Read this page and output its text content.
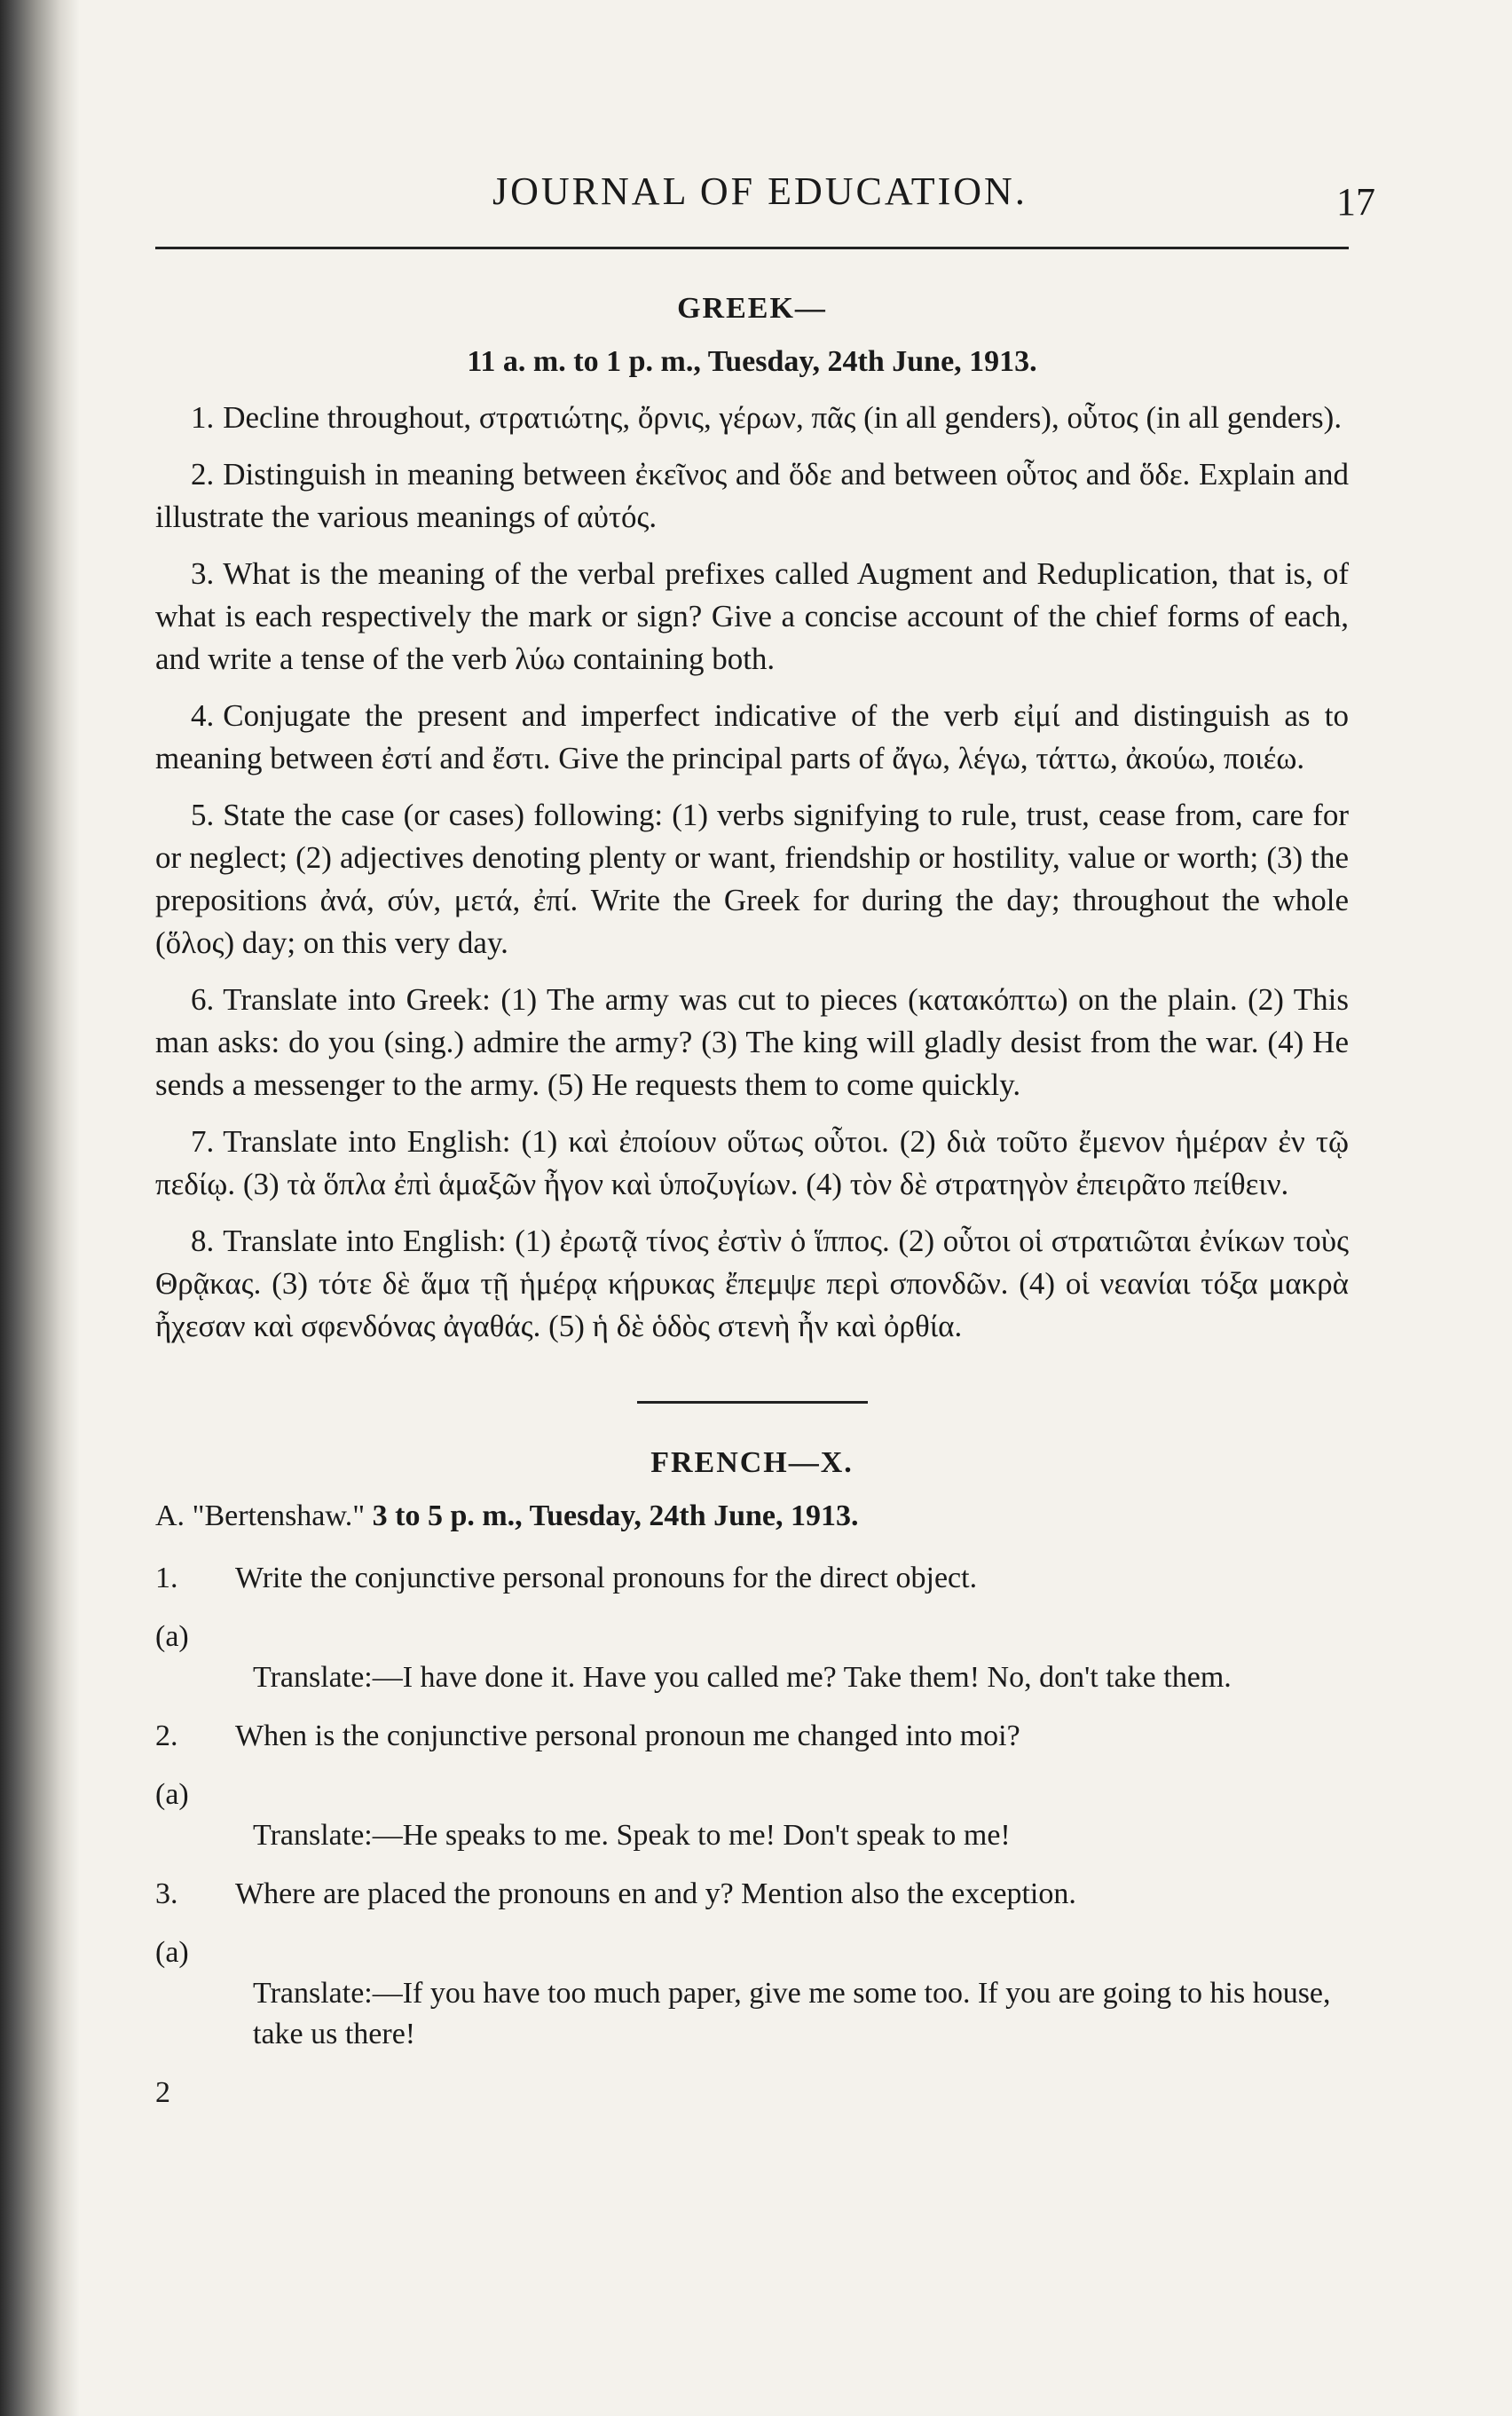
JOURNAL OF EDUCATION.	17
GREEK—
11 a. m. to 1 p. m., Tuesday, 24th June, 1913.

1. Decline throughout, στρατιώτης, ὄρνις, γέρων, πᾶς (in all genders), οὗτος (in all genders).

2. Distinguish in meaning between ἐκεῖνος and ὅδε and between οὗτος and ὅδε. Explain and illustrate the various meanings of αὐτός.

3. What is the meaning of the verbal prefixes called Augment and Reduplication, that is, of what is each respectively the mark or sign? Give a concise account of the chief forms of each, and write a tense of the verb λύω containing both.

4. Conjugate the present and imperfect indicative of the verb εἰμί and distinguish as to meaning between ἐστί and ἔστι. Give the principal parts of ἄγω, λέγω, τάττω, ἀκούω, ποιέω.

5. State the case (or cases) following: (1) verbs signifying to rule, trust, cease from, care for or neglect; (2) adjectives denoting plenty or want, friendship or hostility, value or worth; (3) the prepositions ἀνά, σύν, μετά, ἐπί. Write the Greek for during the day; throughout the whole (ὅλος) day; on this very day.

6. Translate into Greek: (1) The army was cut to pieces (κατακόπτω) on the plain. (2) This man asks: do you (sing.) admire the army? (3) The king will gladly desist from the war. (4) He sends a messenger to the army. (5) He requests them to come quickly.

7. Translate into English: (1) καὶ ἐποίουν οὕτως οὗτοι. (2) διὰ τοῦτο ἔμενον ἡμέραν ἐν τῷ πεδίῳ. (3) τὰ ὅπλα ἐπὶ ἁμαξῶν ἦγον καὶ ὑποζυγίων. (4) τὸν δὲ στρατηγὸν ἐπειρᾶτο πείθειν.

8. Translate into English: (1) ἐρωτᾷ τίνος ἐστὶν ὁ ἵππος. (2) οὗτοι οἱ στρατιῶται ἐνίκων τοὺς Θρᾷκας. (3) τότε δὲ ἅμα τῇ ἡμέρᾳ κήρυκας ἔπεμψε περὶ σπονδῶν. (4) οἱ νεανίαι τόξα μακρὰ ἦχεσαν καὶ σφενδόνας ἀγαθάς. (5) ἡ δὲ ὁδὸς στενὴ ἦν καὶ ὀρθία.

FRENCH—X.
A. "Bertenshaw." 3 to 5 p. m., Tuesday, 24th June, 1913.
1.	Write the conjunctive personal pronouns for the direct object.
(a)
Translate:—I have done it. Have you called me? Take them! No, don't take them.
2.	When is the conjunctive personal pronoun me changed into moi?
(a)
Translate:—He speaks to me. Speak to me! Don't speak to me!
3.	Where are placed the pronouns en and y? Mention also the exception.
(a)
Translate:—If you have too much paper, give me some too. If you are going to his house, take us there!
2
